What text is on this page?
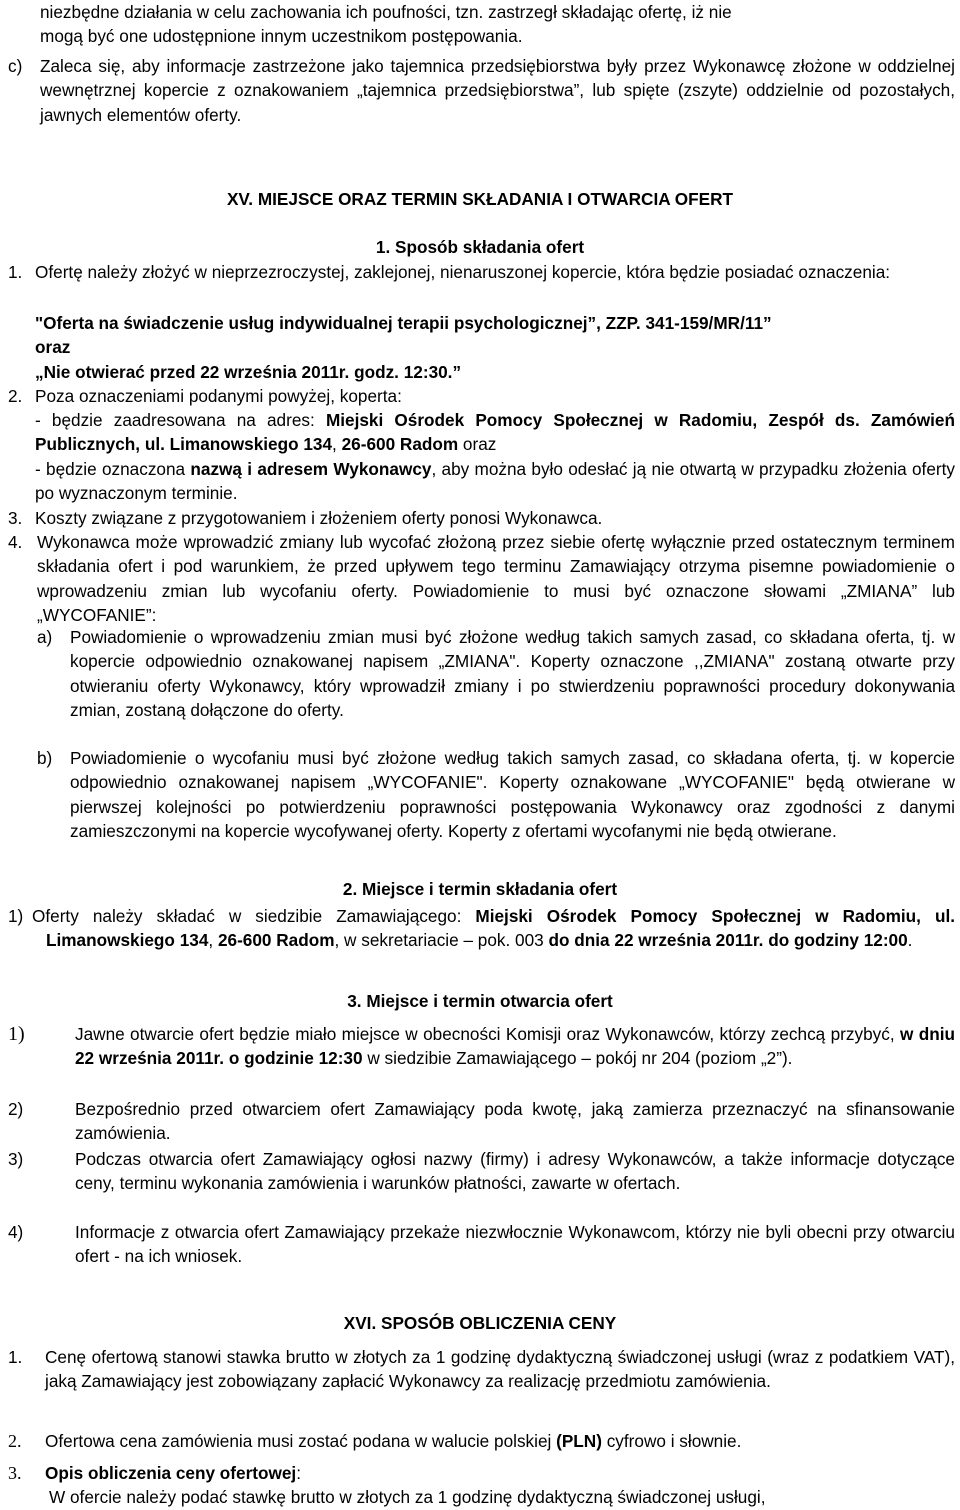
niezbędne działania w celu zachowania ich poufności, tzn. zastrzegł składając ofertę, iż nie

mogą być one udostępnione innym uczestnikom postępowania.

c) Zaleca się, aby informacje zastrzeżone jako tajemnica przedsiębiorstwa były przez Wykonawcę złożone w oddzielnej wewnętrznej kopercie z oznakowaniem „tajemnica przedsiębiorstwa”, lub spięte (zszyte) oddzielnie od pozostałych, jawnych elementów oferty.

XV. MIEJSCE ORAZ TERMIN SKŁADANIA I OTWARCIA OFERT

1. Sposób składania ofert

1. Ofertę należy złożyć w nieprzezroczystej, zaklejonej, nienaruszonej kopercie, która będzie posiadać oznaczenia:

"Oferta na świadczenie usług indywidualnej terapii psychologicznej”, ZZP. 341-159/MR/11”

oraz

„Nie otwierać przed 22 września 2011r. godz. 12:30.”

2. Poza oznaczeniami podanymi powyżej, koperta:

- będzie zaadresowana na adres: Miejski Ośrodek Pomocy Społecznej w Radomiu, Zespół ds. Zamówień Publicznych, ul. Limanowskiego 134, 26-600 Radom oraz

- będzie oznaczona nazwą i adresem Wykonawcy, aby można było odesłać ją nie otwartą w przypadku złożenia oferty po wyznaczonym terminie.

3. Koszty związane z przygotowaniem i złożeniem oferty ponosi Wykonawca.

4. Wykonawca może wprowadzić zmiany lub wycofać złożoną przez siebie ofertę wyłącznie przed ostatecznym terminem składania ofert i pod warunkiem, że przed upływem tego terminu Zamawiający otrzyma pisemne powiadomienie o wprowadzeniu zmian lub wycofaniu oferty. Powiadomienie to musi być oznaczone słowami „ZMIANA” lub „WYCOFANIE”:

a) Powiadomienie o wprowadzeniu zmian musi być złożone według takich samych zasad, co składana oferta, tj. w kopercie odpowiednio oznakowanej napisem „ZMIANA". Koperty oznaczone ,,ZMIANA" zostaną otwarte przy otwieraniu oferty Wykonawcy, który wprowadził zmiany i po stwierdzeniu poprawności procedury dokonywania zmian, zostaną dołączone do oferty.

b) Powiadomienie o wycofaniu musi być złożone według takich samych zasad, co składana oferta, tj. w kopercie odpowiednio oznakowanej napisem „WYCOFANIE". Koperty oznakowane „WYCOFANIE" będą otwierane w pierwszej kolejności po potwierdzeniu poprawności postępowania Wykonawcy oraz zgodności z danymi zamieszczonymi na kopercie wycofywanej oferty. Koperty z ofertami wycofanymi nie będą otwierane.

2. Miejsce i termin składania ofert

1) Oferty należy składać w siedzibie Zamawiającego: Miejski Ośrodek Pomocy Społecznej w Radomiu, ul. Limanowskiego 134, 26-600 Radom, w sekretariacie – pok. 003 do dnia 22 września 2011r. do godziny 12:00.

3. Miejsce i termin otwarcia ofert

1)	Jawne otwarcie ofert będzie miało miejsce w obecności Komisji oraz Wykonawców, którzy zechcą przybyć, w dniu 22 września 2011r. o godzinie 12:30 w siedzibie Zamawiającego – pokój nr 204 (poziom „2”).

2)	Bezpośrednio przed otwarciem ofert Zamawiający poda kwotę, jaką zamierza przeznaczyć na sfinansowanie zamówienia.

3)	Podczas otwarcia ofert Zamawiający ogłosi nazwy (firmy) i adresy Wykonawców, a także informacje dotyczące ceny, terminu wykonania zamówienia i warunków płatności, zawarte w ofertach.

4)	Informacje z otwarcia ofert Zamawiający przekaże niezwłocznie Wykonawcom, którzy nie byli obecni przy otwarciu ofert - na ich wniosek.

XVI. SPOSÓB OBLICZENIA CENY

1. Cenę ofertową stanowi stawka brutto w złotych za 1 godzinę dydaktyczną świadczonej usługi (wraz z podatkiem VAT), jaką Zamawiający jest zobowiązany zapłacić Wykonawcy za realizację przedmiotu zamówienia.

2. Ofertowa cena zamówienia musi zostać podana w walucie polskiej (PLN) cyfrowo i słownie.

3. Opis obliczenia ceny ofertowej:

W ofercie należy podać stawkę brutto w złotych za 1 godzinę dydaktyczną świadczonej usługi,
